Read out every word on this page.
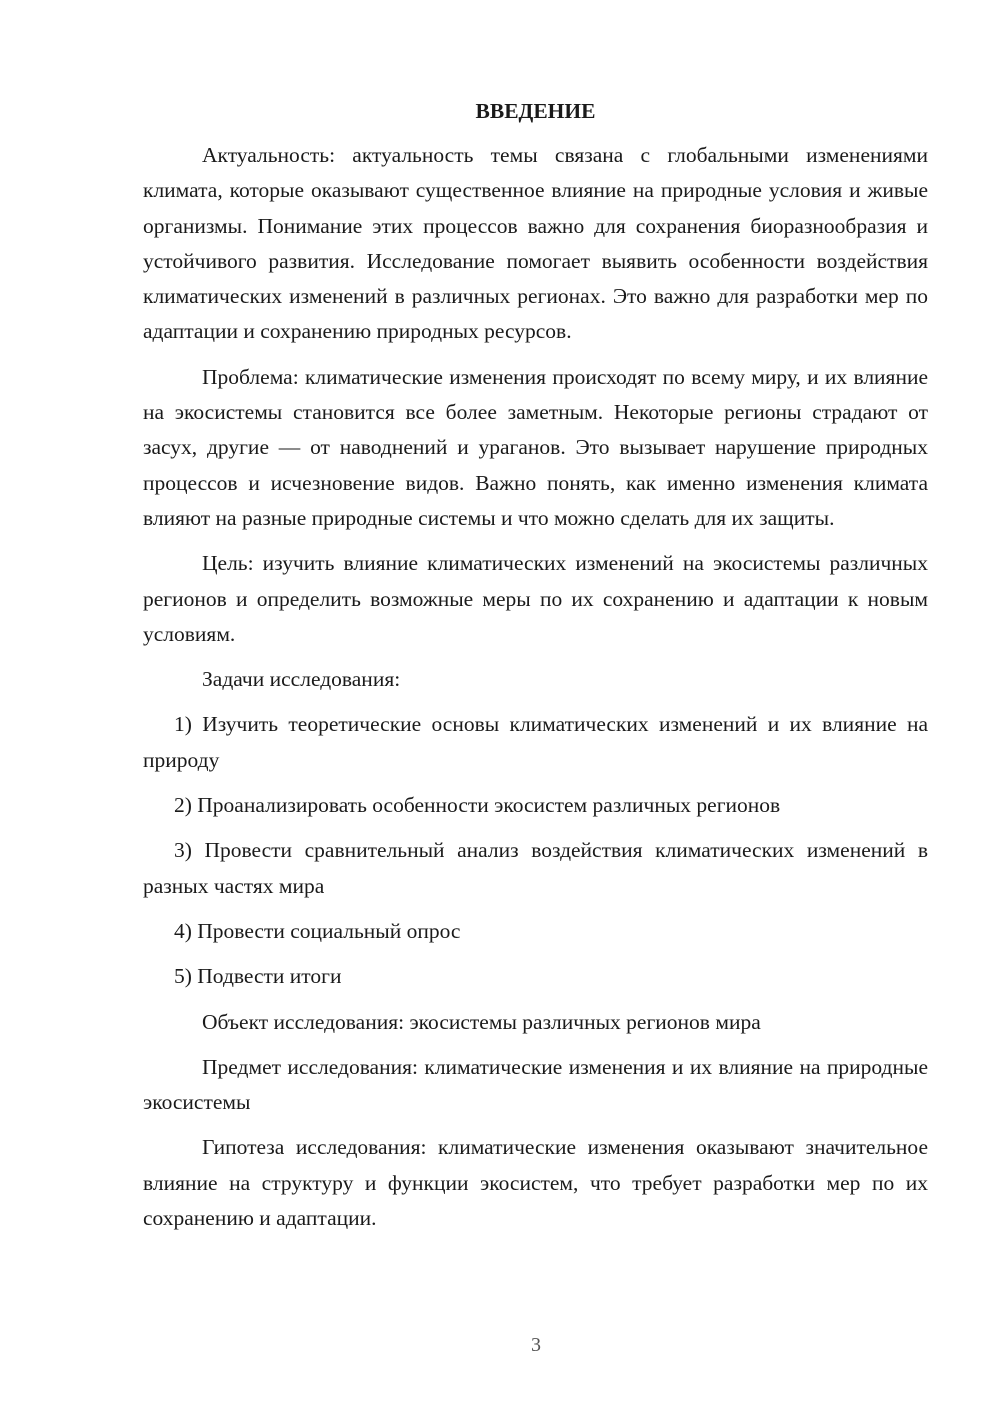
ВВЕДЕНИЕ

Актуальность: актуальность темы связана с глобальными изменениями климата, которые оказывают существенное влияние на природные условия и живые организмы. Понимание этих процессов важно для сохранения биоразнообразия и устойчивого развития. Исследование помогает выявить особенности воздействия климатических изменений в различных регионах. Это важно для разработки мер по адаптации и сохранению природных ресурсов.

Проблема: климатические изменения происходят по всему миру, и их влияние на экосистемы становится все более заметным. Некоторые регионы страдают от засух, другие — от наводнений и ураганов. Это вызывает нарушение природных процессов и исчезновение видов. Важно понять, как именно изменения климата влияют на разные природные системы и что можно сделать для их защиты.

Цель: изучить влияние климатических изменений на экосистемы различных регионов и определить возможные меры по их сохранению и адаптации к новым условиям.

Задачи исследования:

1) Изучить теоретические основы климатических изменений и их влияние на природу

2) Проанализировать особенности экосистем различных регионов

3) Провести сравнительный анализ воздействия климатических изменений в разных частях мира

4) Провести социальный опрос

5) Подвести итоги

Объект исследования: экосистемы различных регионов мира

Предмет исследования: климатические изменения и их влияние на природные экосистемы

Гипотеза исследования: климатические изменения оказывают значительное влияние на структуру и функции экосистем, что требует разработки мер по их сохранению и адаптации.

3
